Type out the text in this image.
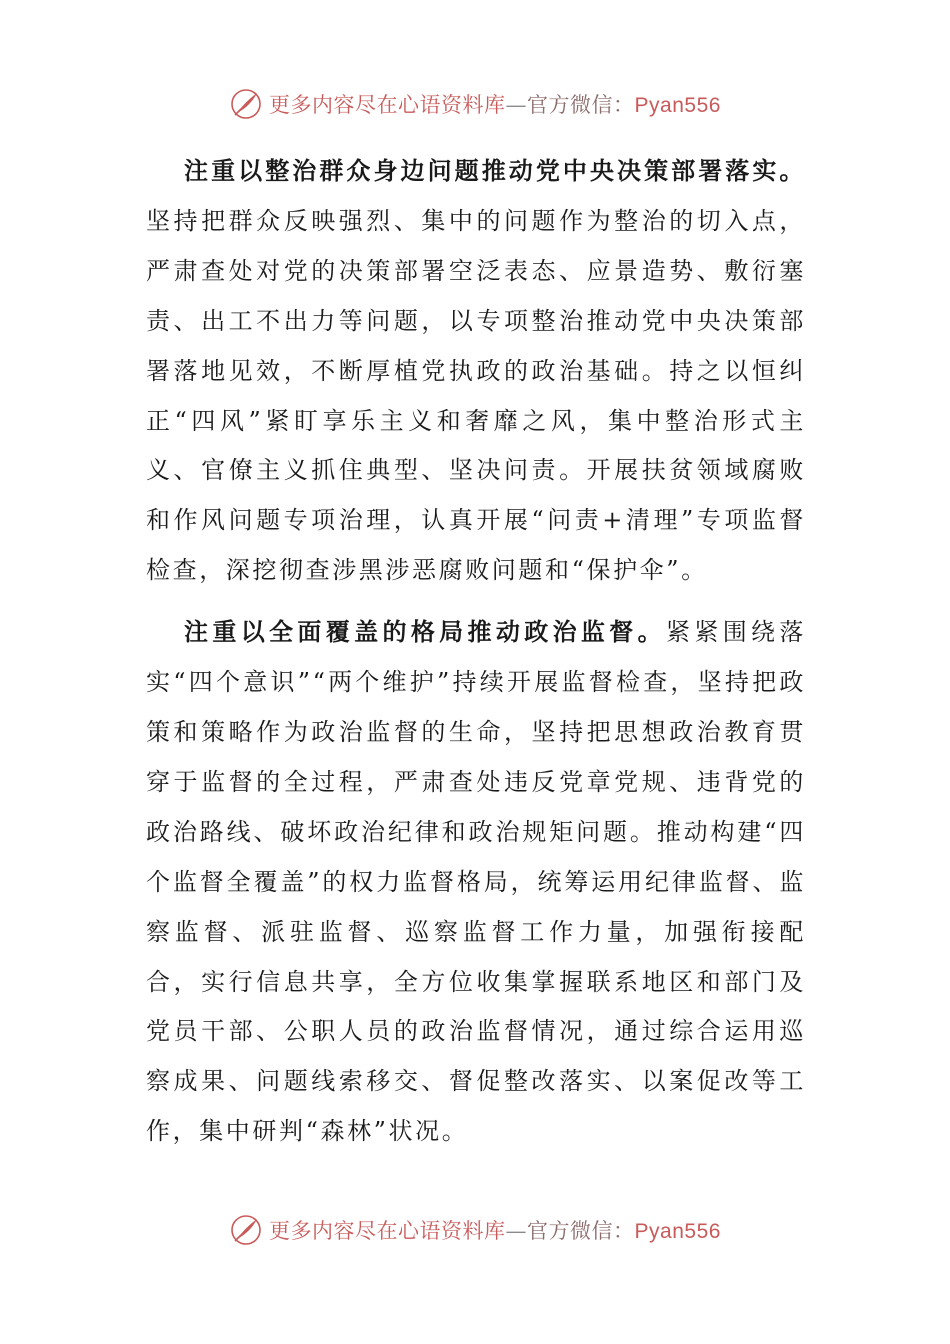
更多内容尽在心语资料库—官方微信：Pyan556

注重以整治群众身边问题推动党中央决策部署落实。坚持把群众反映强烈、集中的问题作为整治的切入点，严肃查处对党的决策部署空泛表态、应景造势、敷衍塞责、出工不出力等问题，以专项整治推动党中央决策部署落地见效，不断厚植党执政的政治基础。持之以恒纠正“四风”紧盯享乐主义和奢靡之风，集中整治形式主义、官僚主义抓住典型、坚决问责。开展扶贫领域腐败和作风问题专项治理，认真开展“问责+清理”专项监督检查，深挖彻查涉黑涉恶腐败问题和“保护伞”。

注重以全面覆盖的格局推动政治监督。紧紧围绕落实“四个意识”“两个维护”持续开展监督检查，坚持把政策和策略作为政治监督的生命，坚持把思想政治教育贯穿于监督的全过程，严肃查处违反党章党规、违背党的政治路线、破坏政治纪律和政治规矩问题。推动构建“四个监督全覆盖”的权力监督格局，统筹运用纪律监督、监察监督、派驻监督、巡察监督工作力量，加强衔接配合，实行信息共享，全方位收集掌握联系地区和部门及党员干部、公职人员的政治监督情况，通过综合运用巡察成果、问题线索移交、督促整改落实、以案促改等工作，集中研判“森林”状况。

更多内容尽在心语资料库—官方微信：Pyan556
